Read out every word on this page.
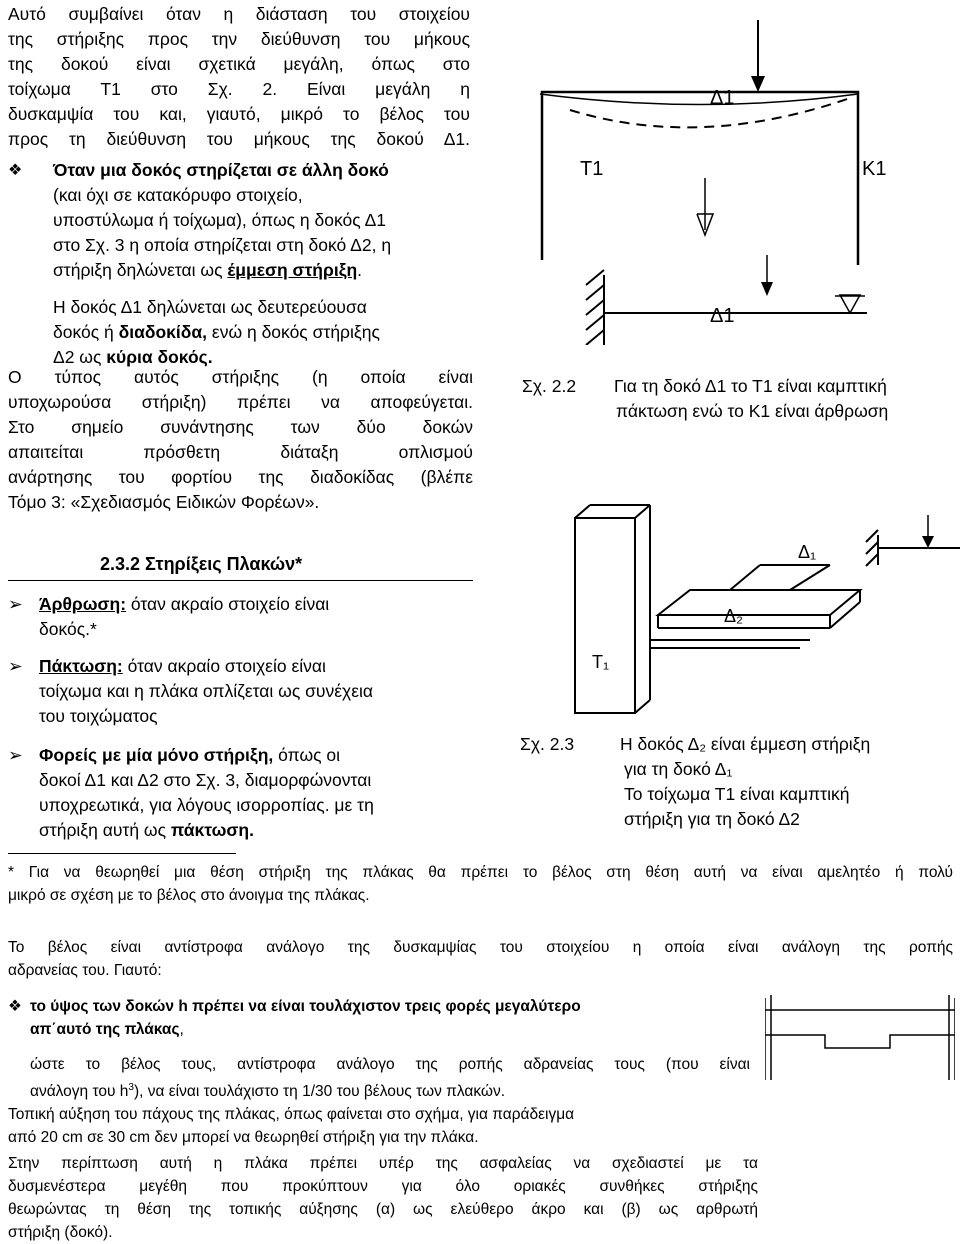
Αυτό συμβαίνει όταν η διάσταση του στοιχείου
της στήριξης προς την διεύθυνση του μήκους
της δοκού είναι σχετικά μεγάλη, όπως στο
τοίχωμα Τ1 στο Σχ. 2. Είναι μεγάλη η
δυσκαμψία του και, γιαυτό, μικρό το βέλος του
προς τη διεύθυνση του μήκους της δοκού Δ1.
❖ Όταν μια δοκός στηρίζεται σε άλλη δοκό
(και όχι σε κατακόρυφο στοιχείο,
υποστύλωμα ή τοίχωμα), όπως η δοκός Δ1
στο Σχ. 3 η οποία στηρίζεται στη δοκό Δ2, η
στήριξη δηλώνεται ως έμμεση στήριξη.
Η δοκός Δ1 δηλώνεται ως δευτερεύουσα
δοκός ή διαδοκίδα, ενώ η δοκός στήριξης
Δ2 ως κύρια δοκός.
Ο τύπος αυτός στήριξης (η οποία είναι
υποχωρούσα στήριξη) πρέπει να αποφεύγεται.
Στο σημείο συνάντησης των δύο δοκών
απαιτείται πρόσθετη διάταξη οπλισμού
ανάρτησης του φορτίου της διαδοκίδας (βλέπε
Τόμο 3: «Σχεδιασμός Ειδικών Φορέων».
2.3.2 Στηρίξεις Πλακών*
➢ Άρθρωση: όταν ακραίο στοιχείο είναι
δοκός.*
➢ Πάκτωση: όταν ακραίο στοιχείο είναι
τοίχωμα και η πλάκα οπλίζεται ως συνέχεια
του τοιχώματος
➢ Φορείς με μία μόνο στήριξη, όπως οι
δοκοί Δ1 και Δ2 στο Σχ. 3, διαμορφώνονται
υποχρεωτικά, για λόγους ισορροπίας. με τη
στήριξη αυτή ως πάκτωση.
Δ1
Τ1	Κ1
Δ1
Σχ. 2.2 Για τη δοκό Δ1 το Τ1 είναι καμπτική
πάκτωση ενώ το Κ1 είναι άρθρωση
Δ₁
Δ₂
Τ₁
Σχ. 2.3	Η δοκός Δ₂ είναι έμμεση στήριξη
για τη δοκό Δ₁
Το τοίχωμα Τ1 είναι καμπτική
στήριξη για τη δοκό Δ2
* Για να θεωρηθεί μια θέση στήριξη της πλάκας θα πρέπει το βέλος στη θέση αυτή να είναι αμελητέο ή πολύ
μικρό σε σχέση με το βέλος στο άνοιγμα της πλάκας.
Το βέλος είναι αντίστροφα ανάλογο της δυσκαμψίας του στοιχείου η οποία είναι ανάλογη της ροπής
αδρανείας του. Γιαυτό:
❖ το ύψος των δοκών h πρέπει να είναι τουλάχιστον τρεις φορές μεγαλύτερο
απ΄αυτό της πλάκας,
ώστε το βέλος τους, αντίστροφα ανάλογο της ροπής αδρανείας τους (που είναι
ανάλογη του $h^3$), να είναι τουλάχιστο τη 1/30 του βέλους των πλακών.
Τοπική αύξηση του πάχους της πλάκας, όπως φαίνεται στο σχήμα, για παράδειγμα
από 20 cm σε 30 cm δεν μπορεί να θεωρηθεί στήριξη για την πλάκα.
Στην περίπτωση αυτή η πλάκα πρέπει υπέρ της ασφαλείας να σχεδιαστεί με τα
δυσμενέστερα μεγέθη που προκύπτουν για όλο οριακές συνθήκες στήριξης
θεωρώντας τη θέση της τοπικής αύξησης (α) ως ελεύθερο άκρο και (β) ως αρθρωτή
στήριξη (δοκό).
